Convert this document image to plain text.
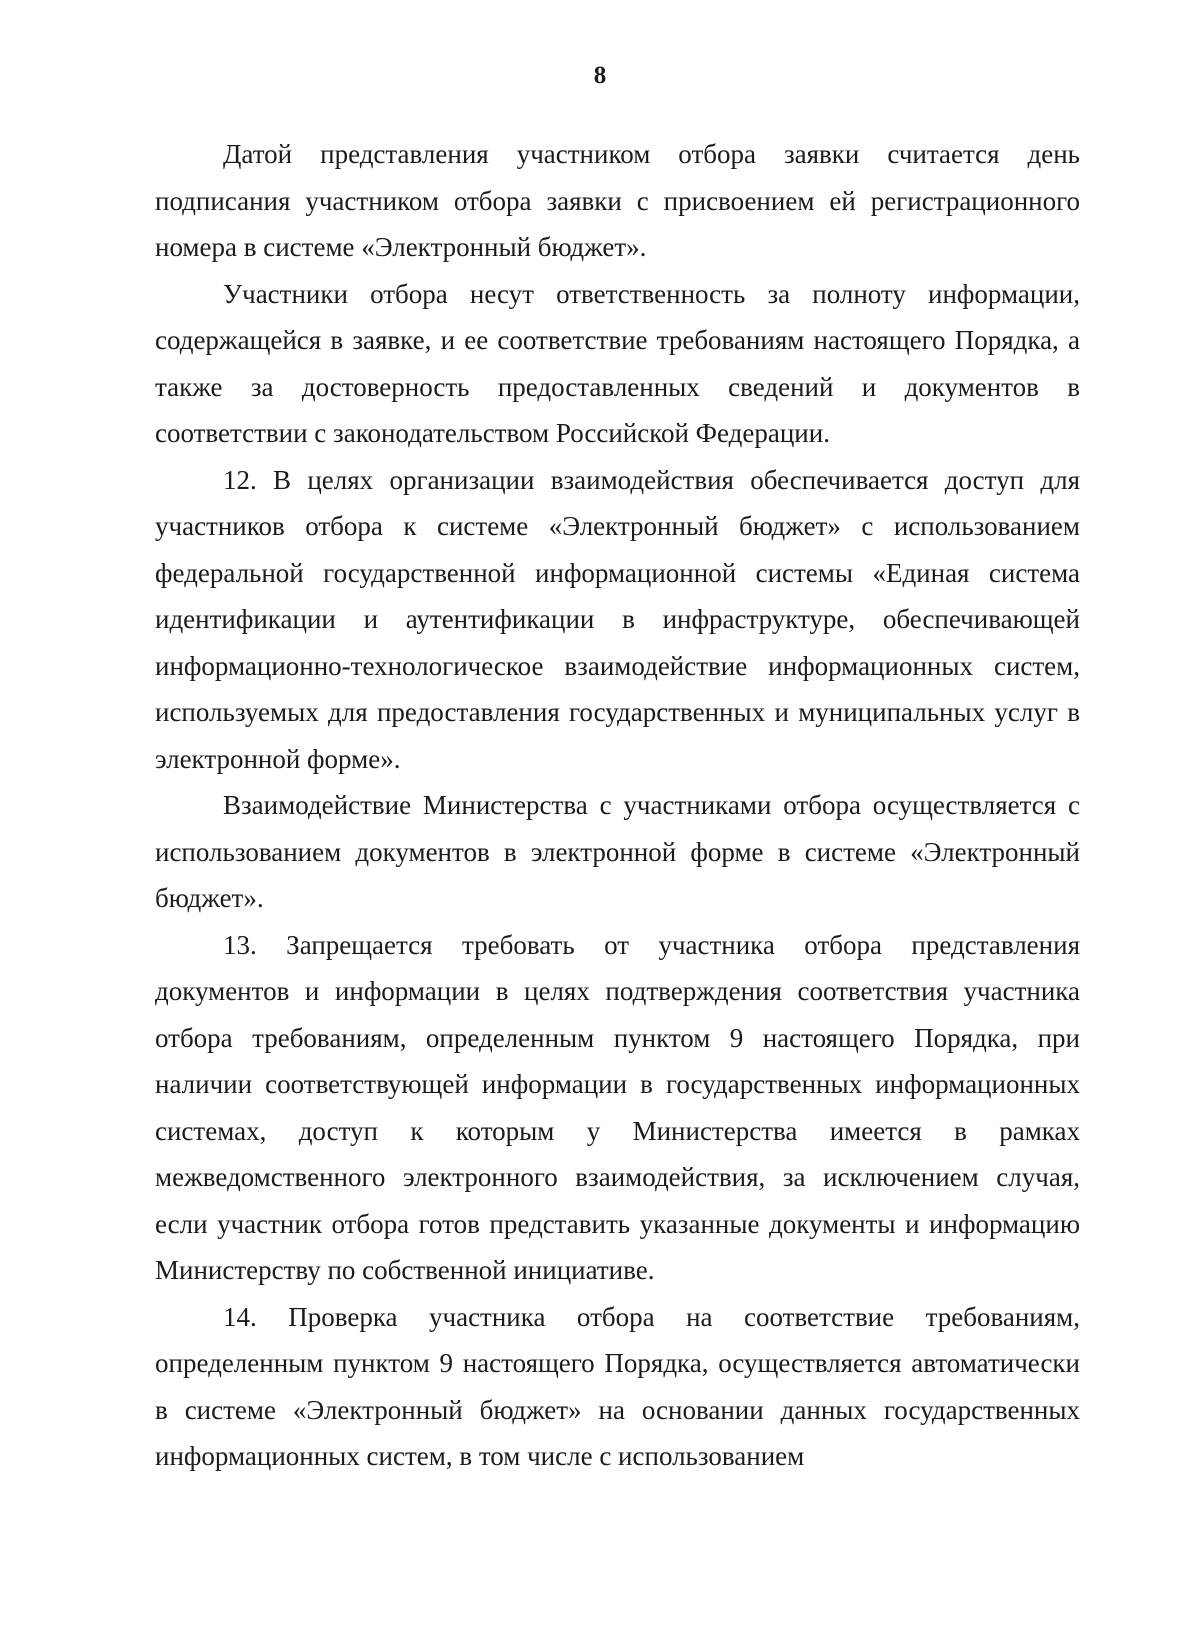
8

Датой представления участником отбора заявки считается день подписания участником отбора заявки с присвоением ей регистрационного номера в системе «Электронный бюджет».

Участники отбора несут ответственность за полноту информации, содержащейся в заявке, и ее соответствие требованиям настоящего Порядка, а также за достоверность предоставленных сведений и документов в соответствии с законодательством Российской Федерации.

12. В целях организации взаимодействия обеспечивается доступ для участников отбора к системе «Электронный бюджет» с использованием федеральной государственной информационной системы «Единая система идентификации и аутентификации в инфраструктуре, обеспечивающей информационно-технологическое взаимодействие информационных систем, используемых для предоставления государственных и муниципальных услуг в электронной форме».

Взаимодействие Министерства с участниками отбора осуществляется с использованием документов в электронной форме в системе «Электронный бюджет».

13. Запрещается требовать от участника отбора представления документов и информации в целях подтверждения соответствия участника отбора требованиям, определенным пунктом 9 настоящего Порядка, при наличии соответствующей информации в государственных информационных системах, доступ к которым у Министерства имеется в рамках межведомственного электронного взаимодействия, за исключением случая, если участник отбора готов представить указанные документы и информацию Министерству по собственной инициативе.

14. Проверка участника отбора на соответствие требованиям, определенным пунктом 9 настоящего Порядка, осуществляется автоматически в системе «Электронный бюджет» на основании данных государственных информационных систем, в том числе с использованием
